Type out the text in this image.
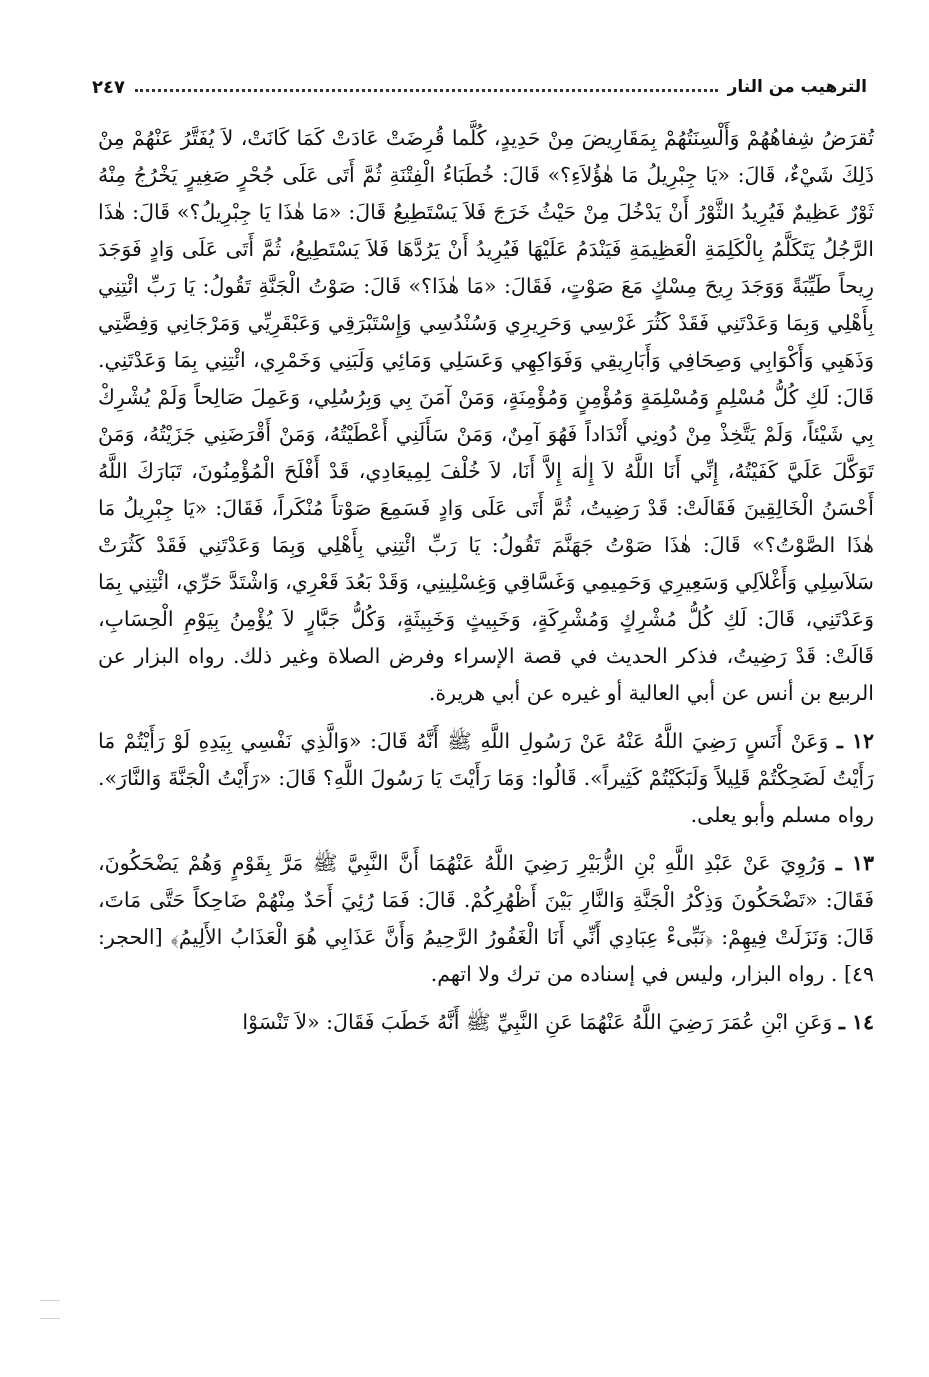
الترهيب من النار
٢٤٧

تُقرَضُ شِفاهُهُمْ وَأَلْسِنَتُهُمْ بِمَقَارِيضَ مِنْ حَدِيدٍ، كُلَّما قُرِضَتْ عَادَتْ كَمَا كَانَتْ، لاَ يُفَتَّرُ عَنْهُمْ مِنْ ذَلِكَ شَيْءٌ، قَالَ: «يَا جِبْرِيلُ مَا هٰؤُلاَءِ؟» قَالَ: خُطَبَاءُ الْفِتْنَةِ ثُمَّ أَتَى عَلَى جُحْرٍ صَغِيرٍ يَخْرُجُ مِنْهُ ثَوْرٌ عَظِيمٌ فَيُرِيدُ الثَّوْرُ أَنْ يَدْخُلَ مِنْ حَيْثُ خَرَجَ فَلاَ يَسْتَطِيعُ قَالَ: «مَا هٰذَا يَا جِبْرِيلُ؟» قَالَ: هٰذَا الرَّجُلُ يَتَكَلَّمُ بِالْكَلِمَةِ الْعَظِيمَةِ فَيَنْدَمُ عَلَيْهَا فَيُرِيدُ أَنْ يَرُدَّهَا فَلاَ يَسْتَطِيعُ، ثُمَّ أَتَى عَلَى وَادٍ فَوَجَدَ رِيحاً طَيِّبَةً وَوَجَدَ رِيحَ مِسْكٍ مَعَ صَوْتٍ، فَقَالَ: «مَا هٰذَا؟» قَالَ: صَوْتُ الْجَنَّةِ تَقُولُ: يَا رَبِّ ائْتِنِي بِأَهْلِي وَبِمَا وَعَدْتَنِي فَقَدْ كَثُرَ غَرْسِي وَحَرِيرِي وَسُنْدُسِي وَإِسْتَبْرَقِي وَعَبْقَرِيِّي وَمَرْجَانِي وَفِضَّتِي وَذَهَبِي وَأَكْوَابِي وَصِحَافِي وَأَبَارِيقِي وَفَوَاكِهِي وَعَسَلِي وَمَائِي وَلَبَنِي وَخَمْرِي، ائْتِنِي بِمَا وَعَدْتَنِي. قَالَ: لَكِ كُلُّ مُسْلِمٍ وَمُسْلِمَةٍ وَمُؤْمِنٍ وَمُؤْمِنَةٍ، وَمَنْ آمَنَ بِي وَبِرُسُلِي، وَعَمِلَ صَالِحاً وَلَمْ يُشْرِكْ بِي شَيْئاً، وَلَمْ يَتَّخِذْ مِنْ دُونِي أَنْدَاداً فَهُوَ آمِنٌ، وَمَنْ سَأَلَنِي أَعْطَيْتُهُ، وَمَنْ أَقْرَضَنِي جَزَيْتُهُ، وَمَنْ تَوَكَّلَ عَلَيَّ كَفَيْتُهُ، إِنِّي أَنَا اللَّهُ لاَ إِلٰهَ إِلاَّ أَنَا، لاَ خُلْفَ لِمِيعَادِي، قَدْ أَفْلَحَ الْمُؤْمِنُونَ، تَبَارَكَ اللَّهُ أَحْسَنُ الْخَالِقِينَ فَقَالَتْ: قَدْ رَضِيتُ، ثُمَّ أَتَى عَلَى وَادٍ فَسَمِعَ صَوْتاً مُنْكَراً، فَقَالَ: «يَا جِبْرِيلُ مَا هٰذَا الصَّوْتُ؟» قَالَ: هٰذَا صَوْتُ جَهَنَّمَ تَقُولُ: يَا رَبِّ ائْتِنِي بِأَهْلِي وَبِمَا وَعَدْتَنِي فَقَدْ كَثُرَتْ سَلاَسِلِي وَأَغْلاَلِي وَسَعِيرِي وَحَمِيمِي وَغَسَّاقِي وَغِسْلِينِي، وَقَدْ بَعُدَ قَعْرِي، وَاشْتَدَّ حَرِّي، ائْتِنِي بِمَا وَعَدْتَنِي، قَالَ: لَكِ كُلُّ مُشْرِكٍ وَمُشْرِكَةٍ، وَخَبِيثٍ وَخَبِيثَةٍ، وَكُلُّ جَبَّارٍ لاَ يُؤْمِنُ بِيَوْمِ الْحِسَابِ، قَالَتْ: قَدْ رَضِيتُ، فذكر الحديث في قصة الإسراء وفرض الصلاة وغير ذلك. رواه البزار عن الربيع بن أنس عن أبي العالية أو غيره عن أبي هريرة.

١٢ ـ وَعَنْ أَنَسٍ رَضِيَ اللَّهُ عَنْهُ عَنْ رَسُولِ اللَّهِ ﷺ أَنَّهُ قَالَ: «وَالَّذِي نَفْسِي بِيَدِهِ لَوْ رَأَيْتُمْ مَا رَأَيْتُ لَضَحِكْتُمْ قَلِيلاً وَلَبَكَيْتُمْ كَثِيراً». قَالُوا: وَمَا رَأَيْتَ يَا رَسُولَ اللَّهِ؟ قَالَ: «رَأَيْتُ الْجَنَّةَ وَالنَّارَ». رواه مسلم وأبو يعلى.

١٣ ـ وَرُوِيَ عَنْ عَبْدِ اللَّهِ بْنِ الزُّبَيْرِ رَضِيَ اللَّهُ عَنْهُمَا أَنَّ النَّبِيَّ ﷺ مَرَّ بِقَوْمٍ وَهُمْ يَضْحَكُونَ، فَقَالَ: «تَضْحَكُونَ وَذِكْرُ الْجَنَّةِ وَالنَّارِ بَيْنَ أَظْهُرِكُمْ. قَالَ: فَمَا رُئِيَ أَحَدٌ مِنْهُمْ ضَاحِكاً حَتَّى مَاتَ، قَالَ: وَنَزَلَتْ فِيهِمْ: ﴿نَبِّىءْ عِبَادِي أَنِّي أَنَا الْغَفُورُ الرَّحِيمُ وَأَنَّ عَذَابِي هُوَ الْعَذَابُ الأَلِيمُ﴾ [الحجر: ٤٩] . رواه البزار، وليس في إسناده من ترك ولا اتهم.

١٤ ـ وَعَنِ ابْنِ عُمَرَ رَضِيَ اللَّهُ عَنْهُمَا عَنِ النَّبِيِّ ﷺ أَنَّهُ خَطَبَ فَقَالَ: «لاَ تَنْسَوْا
